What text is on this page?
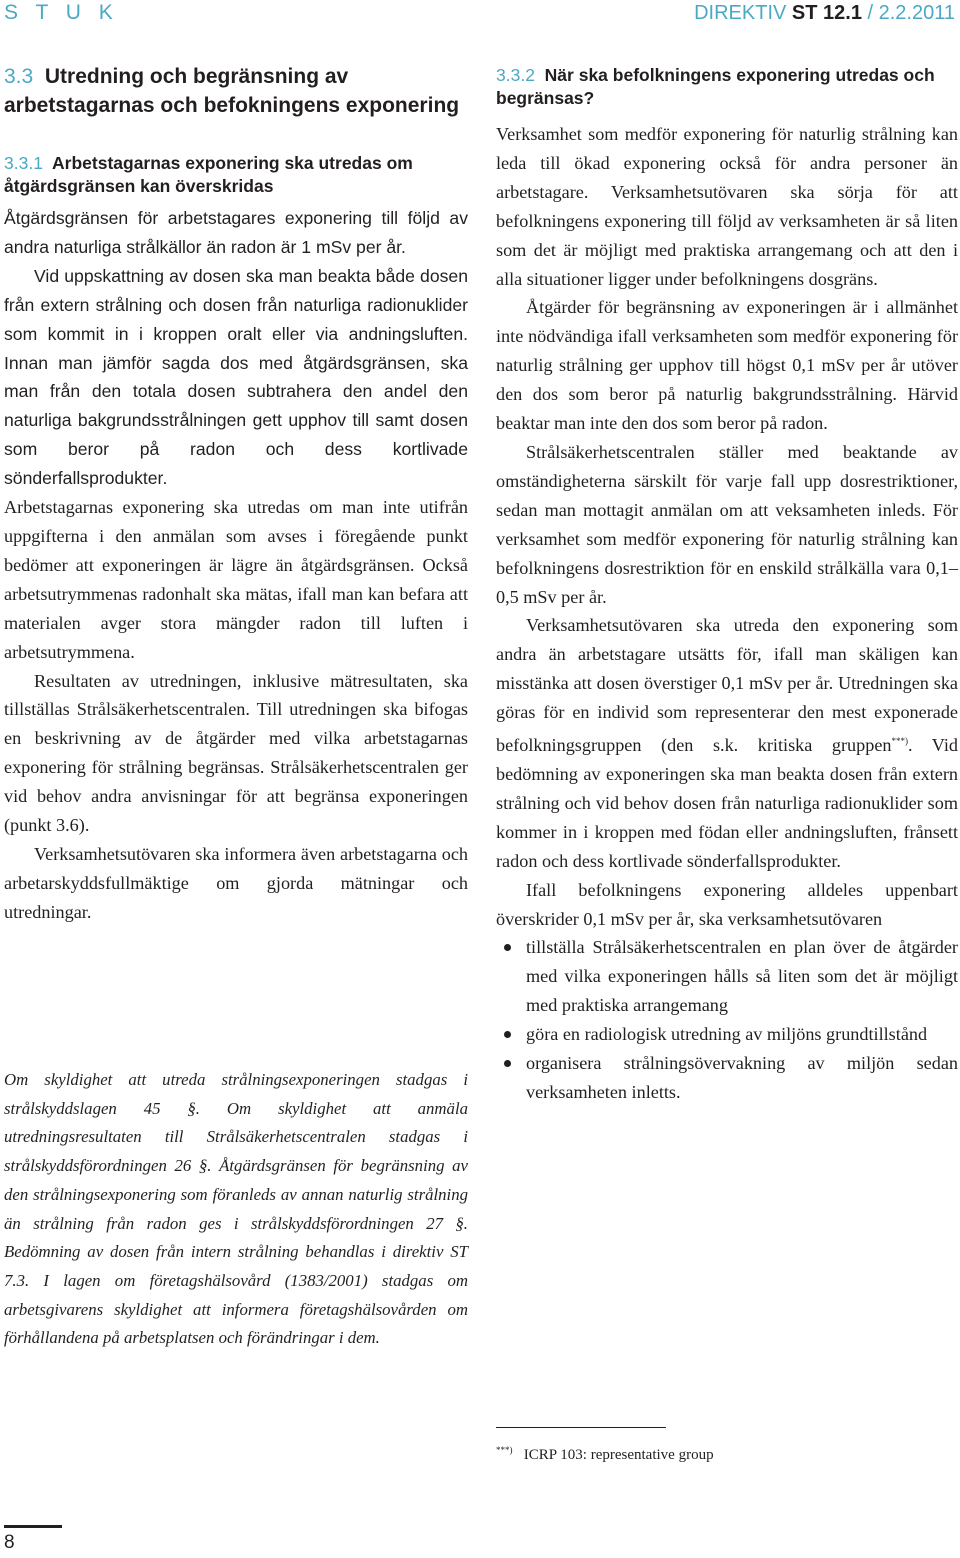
S T U K	DIREKTIV ST 12.1 / 2.2.2011
3.3 Utredning och begränsning av arbetstagarnas och befokningens exponering
3.3.1 Arbetstagarnas exponering ska utredas om åtgärdsgränsen kan överskridas

Åtgärdsgränsen för arbetstagares exponering till följd av andra naturliga strålkällor än radon är 1 mSv per år.

Vid uppskattning av dosen ska man beakta både dosen från extern strålning och dosen från naturliga radionuklider som kommit in i kroppen oralt eller via andningsluften. Innan man jämför sagda dos med åtgärdsgränsen, ska man från den totala dosen subtrahera den andel den naturliga bakgrundsstrålningen gett upphov till samt dosen som beror på radon och dess kortlivade sönderfallsprodukter.

Arbetstagarnas exponering ska utredas om man inte utifrån uppgifterna i den anmälan som avses i föregående punkt bedömer att exponeringen är lägre än åtgärdsgränsen. Också arbetsutrymmenas radonhalt ska mätas, ifall man kan befara att materialen avger stora mängder radon till luften i arbetsutrymmena.

Resultaten av utredningen, inklusive mätresultaten, ska tillställas Strålsäkerhetscentralen. Till utredningen ska bifogas en beskrivning av de åtgärder med vilka arbetstagarnas exponering för strålning begränsas. Strålsäkerhetscentralen ger vid behov andra anvisningar för att begränsa exponeringen (punkt 3.6).

Verksamhetsutövaren ska informera även arbetstagarna och arbetarskyddsfullmäktige om gjorda mätningar och utredningar.

Om skyldighet att utreda strålningsexponeringen stadgas i strålskyddslagen 45 §. Om skyldighet att anmäla utredningsresultaten till Strålsäkerhetscentralen stadgas i strålskyddsförordningen 26 §. Åtgärdsgränsen för begränsning av den strålningsexponering som föranleds av annan naturlig strålning än strålning från radon ges i strålskyddsförordningen 27 §. Bedömning av dosen från intern strålning behandlas i direktiv ST 7.3. I lagen om företagshälsovård (1383/2001) stadgas om arbetsgivarens skyldighet att informera företagshälsovården om förhållandena på arbetsplatsen och förändringar i dem.
3.3.2 När ska befolkningens exponering utredas och begränsas?

Verksamhet som medför exponering för naturlig strålning kan leda till ökad exponering också för andra personer än arbetstagare. Verksamhetsutövaren ska sörja för att befolkningens exponering till följd av verksamheten är så liten som det är möjligt med praktiska arrangemang och att den i alla situationer ligger under befolkningens dosgräns.

Åtgärder för begränsning av exponeringen är i allmänhet inte nödvändiga ifall verksamheten som medför exponering för naturlig strålning ger upphov till högst 0,1 mSv per år utöver den dos som beror på naturlig bakgrundsstrålning. Härvid beaktar man inte den dos som beror på radon.

Strålsäkerhetscentralen ställer med beaktande av omständigheterna särskilt för varje fall upp dosrestriktioner, sedan man mottagit anmälan om att veksamheten inleds. För verksamhet som medför exponering för naturlig strålning kan befolkningens dosrestriktion för en enskild strålkälla vara 0,1–0,5 mSv per år.

Verksamhetsutövaren ska utreda den exponering som andra än arbetstagare utsätts för, ifall man skäligen kan misstänka att dosen överstiger 0,1 mSv per år. Utredningen ska göras för en individ som representerar den mest exponerade befolkningsgruppen (den s.k. kritiska gruppen***). Vid bedömning av exponeringen ska man beakta dosen från extern strålning och vid behov dosen från naturliga radionuklider som kommer in i kroppen med födan eller andningsluften, frånsett radon och dess kortlivade sönderfallsprodukter.

Ifall befolkningens exponering alldeles uppenbart överskrider 0,1 mSv per år, ska verksamhetsutövaren

tillställa Strålsäkerhetscentralen en plan över de åtgärder med vilka exponeringen hålls så liten som det är möjligt med praktiska arrangemang
göra en radiologisk utredning av miljöns grundtillstånd
organisera strålningsövervakning av miljön sedan verksamheten inletts.
***) ICRP 103: representative group
8
